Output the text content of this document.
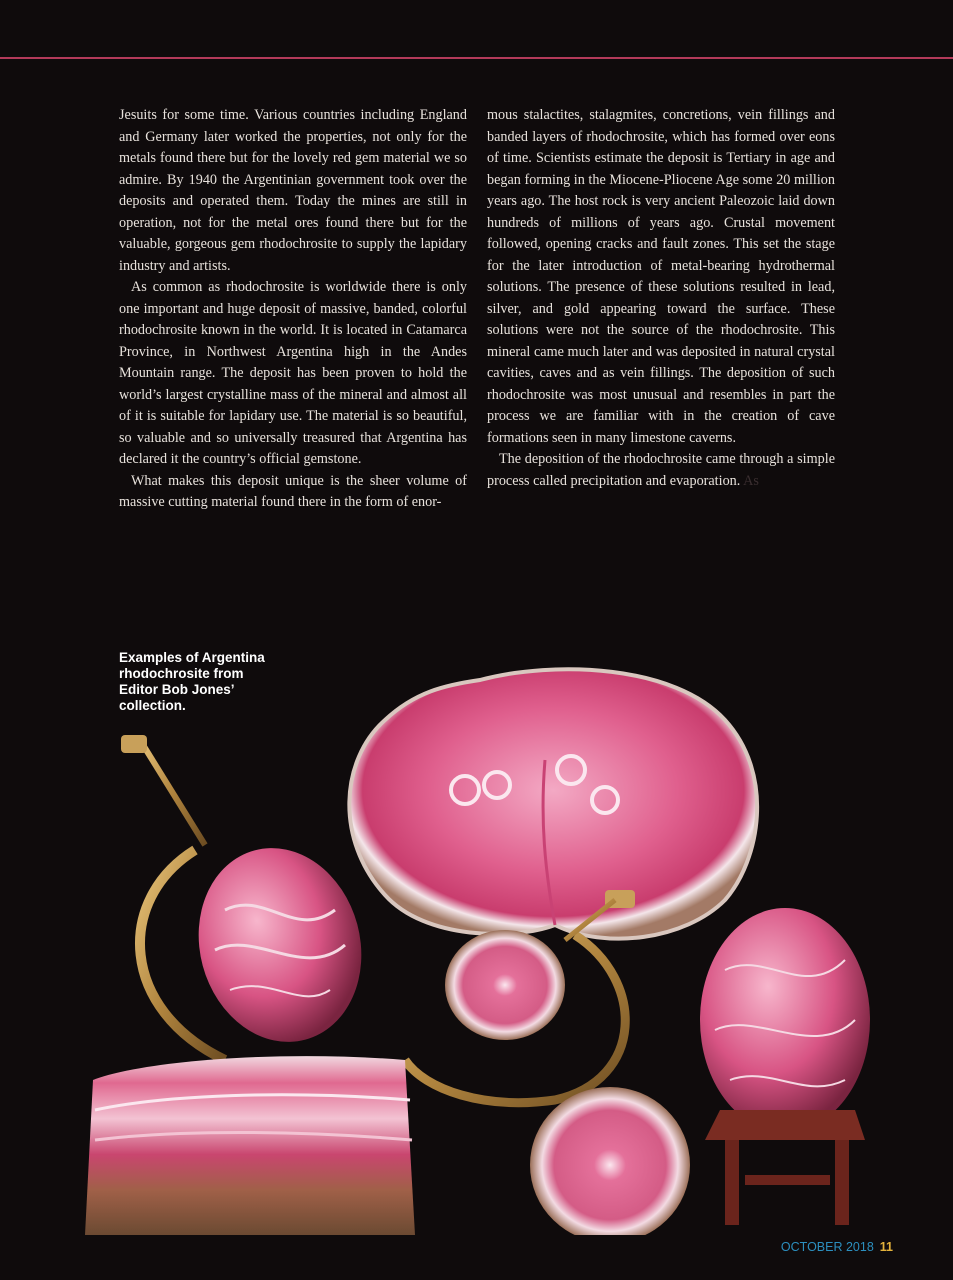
Jesuits for some time. Various countries including England and Germany later worked the properties, not only for the metals found there but for the lovely red gem material we so admire. By 1940 the Argentinian government took over the deposits and operated them. Today the mines are still in operation, not for the metal ores found there but for the valuable, gorgeous gem rhodochrosite to supply the lapidary industry and artists.

As common as rhodochrosite is worldwide there is only one important and huge deposit of massive, banded, colorful rhodochrosite known in the world. It is located in Catamarca Province, in Northwest Argentina high in the Andes Mountain range. The deposit has been proven to hold the world’s largest crystalline mass of the mineral and almost all of it is suitable for lapidary use. The material is so beautiful, so valuable and so universally treasured that Argentina has declared it the country’s official gemstone.

What makes this deposit unique is the sheer volume of massive cutting material found there in the form of enor-

mous stalactites, stalagmites, concretions, vein fillings and banded layers of rhodochrosite, which has formed over eons of time. Scientists estimate the deposit is Tertiary in age and began forming in the Miocene-Pliocene Age some 20 million years ago. The host rock is very ancient Paleozoic laid down hundreds of millions of years ago. Crustal movement followed, opening cracks and fault zones. This set the stage for the later introduction of metal-bearing hydrothermal solutions. The presence of these solutions resulted in lead, silver, and gold appearing toward the surface. These solutions were not the source of the rhodochrosite. This mineral came much later and was deposited in natural crystal cavities, caves and as vein fillings. The deposition of such rhodochrosite was most unusual and resembles in part the process we are familiar with in the creation of cave formations seen in many limestone caverns.

The deposition of the rhodochrosite came through a simple process called precipitation and evaporation. As

Examples of Argentina rhodochrosite from Editor Bob Jones’ collection.
OCTOBER 2018 11
